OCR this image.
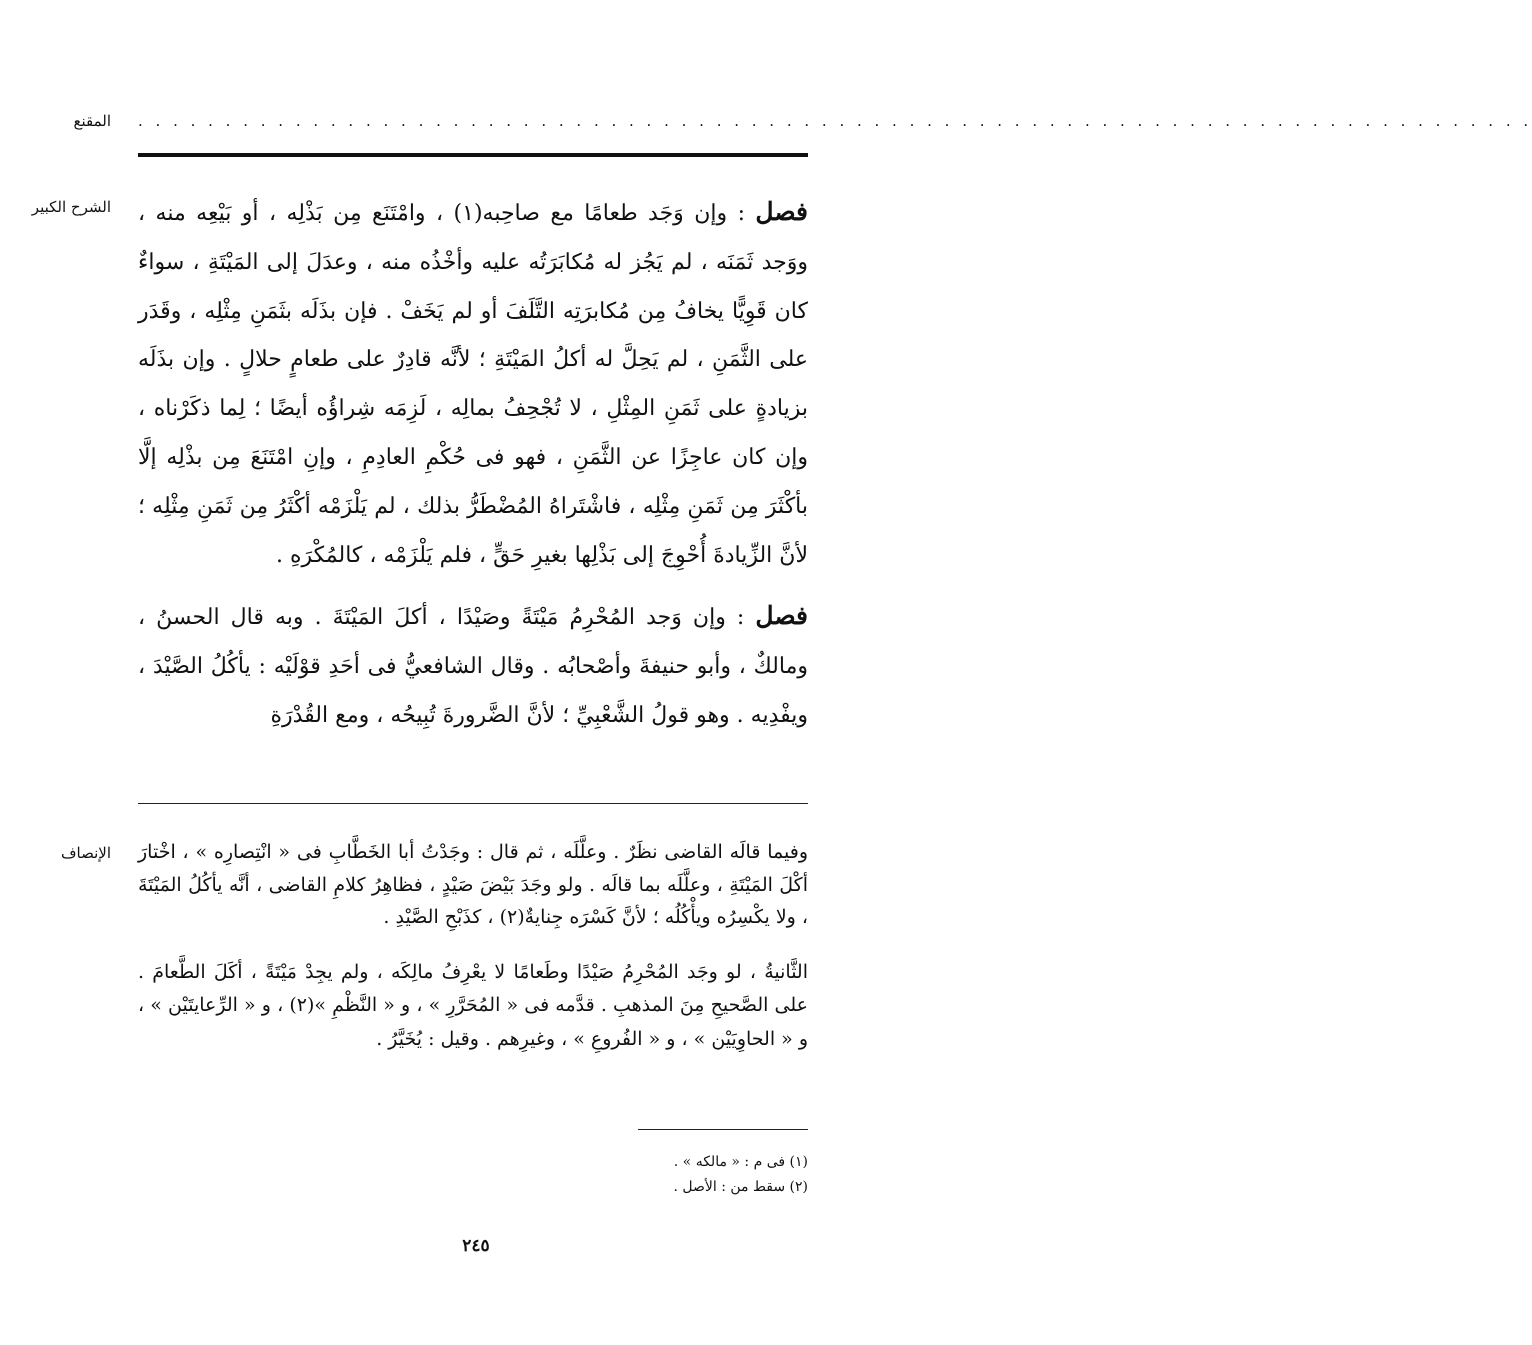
المقنع . . . . . . . . . . . . . . . . . . . . . . . . . . . . . . . . . . . . . . . . . . . . . . . . . . . . . . . . . . . . . . . . . . . . . . . . . . . . . . . .
الشرح الكبير	فصل : وإن وَجَد طعامًا مع صاحِبه(١) ، وامْتَنَع مِن بَذْلِه ، أو بَيْعِه منه ، ووَجد ثَمَنَه ، لم يَجُز له مُكابَرَتُه عليه وأخْذُه منه ، وعدَلَ إلى المَيْتَةِ ، سواءٌ كان قَوِيًّا يخافُ مِن مُكابرَتِه التَّلَفَ أو لم يَخَفْ . فإن بذَلَه بثَمَنِ مِثْلِه ، وقَدَر على الثَّمَنِ ، لم يَحِلَّ له أكلُ المَيْتَةِ ؛ لأنَّه قادِرٌ على طعامٍ حلالٍ . وإن بذَلَه بزيادةٍ على ثَمَنِ المِثْلِ ، لا تُجْحِفُ بمالِه ، لَزِمَه شِراؤُه أيضًا ؛ لِما ذكَرْناه ، وإن كان عاجِزًا عن الثَّمَنِ ، فهو فى حُكْمِ العادِمِ ، وإنِ امْتَنَعَ مِن بذْلِه إلَّا بأكْثَرَ مِن ثَمَنِ مِثْلِه ، فاشْتَراهُ المُضْطَرُّ بذلك ، لم يَلْزَمْه أكْثَرُ مِن ثَمَنِ مِثْلِه ؛ لأنَّ الزِّيادةَ أُحْوِجَ إلى بَذْلِها بغيرِ حَقٍّ ، فلم يَلْزَمْه ، كالمُكْرَهِ .

فصل : وإن وَجد المُحْرِمُ مَيْتَةً وصَيْدًا ، أكلَ المَيْتَةَ . وبه قال الحسنُ ، ومالكٌ ، وأبو حنيفةَ وأصْحابُه . وقال الشافعيُّ فى أحَدِ قوْلَيْه : يأكُلُ الصَّيْدَ ، ويفْدِيه . وهو قولُ الشَّعْبِيِّ ؛ لأنَّ الضَّرورةَ تُبِيحُه ، ومع القُدْرَةِ

الإنصاف وفيما قالَه القاضى نظَرٌ . وعلَّلَه ، ثم قال : وجَدْتُ أبا الخَطَّابِ فى « انْتِصارِه » ، اخْتارَ أكْلَ المَيْتَةِ ، وعلَّلَه بما قالَه . ولو وجَدَ بَيْضَ صَيْدٍ ، فظاهِرُ كلامِ القاضى ، أنَّه يأكُلُ المَيْتَةَ ، ولا يكْسِرُه ويأْكُلُه ؛ لأنَّ كَسْرَه جِنايةٌ(٢) ، كذَبْحِ الصَّيْدِ .

الثَّانيةُ ، لو وجَد المُحْرِمُ صَيْدًا وطَعامًا لا يعْرِفُ مالِكَه ، ولم يجِدْ مَيْتَةً ، أكَلَ الطَّعامَ . على الصَّحيحِ مِنَ المذهبِ . قدَّمه فى « المُحَرَّرِ » ، و « النَّظْمِ »(٢) ، و « الرِّعايتَيْن » ، و « الحاوِيَيْن » ، و « الفُروعِ » ، وغيرِهم . وقيل : يُخَيَّرُ .

(١) فى م : « مالكه » .
(٢) سقط من : الأصل .
٢٤٥
